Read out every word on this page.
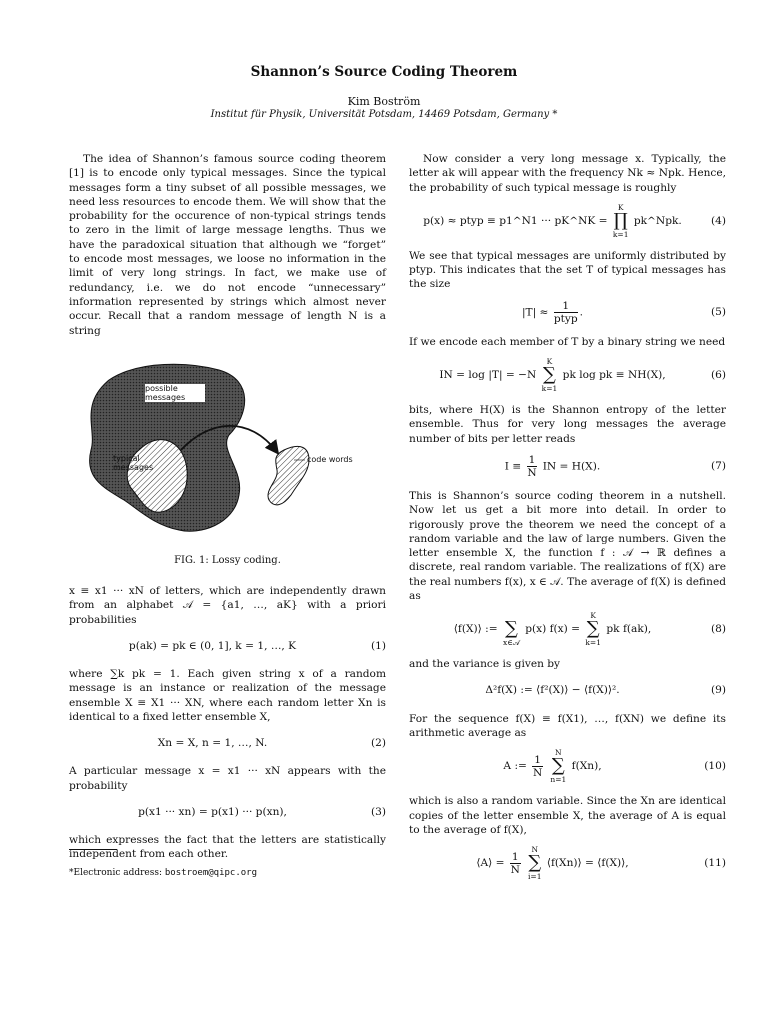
Shannon’s Source Coding Theorem
Kim Boström
Institut für Physik, Universität Potsdam, 14469 Potsdam, Germany *

The idea of Shannon’s famous source coding theorem [1] is to encode only typical messages. Since the typical messages form a tiny subset of all possible messages, we need less resources to encode them. We will show that the probability for the occurence of non-typical strings tends to zero in the limit of large message lengths. Thus we have the paradoxical situation that although we “forget” to encode most messages, we loose no information in the limit of very long strings. In fact, we make use of redundancy, i.e. we do not encode “unnecessary” information represented by strings which almost never occur. Recall that a random message of length N is a string

possible messages
typical messages
code words
FIG. 1: Lossy coding.

x ≡ x1 ··· xN of letters, which are independently drawn from an alphabet 𝒜 = {a1, …, aK} with a priori probabilities

p(ak) = pk ∈ (0, 1], k = 1, …, K	(1)

where ∑k pk = 1. Each given string x of a random message is an instance or realization of the message ensemble X ≡ X1 ··· XN, where each random letter Xn is identical to a fixed letter ensemble X,

Xn = X, n = 1, …, N.	(2)

A particular message x = x1 ··· xN appears with the probability

p(x1 ··· xn) = p(x1) ··· p(xn),	(3)

which expresses the fact that the letters are statistically independent from each other.

Now consider a very long message x. Typically, the letter ak will appear with the frequency Nk ≈ Npk. Hence, the probability of such typical message is roughly

p(x) ≈ ptyp ≡ p1^N1 ··· pK^NK =
K
∏
k=1
pk^Npk.	(4)

We see that typical messages are uniformly distributed by ptyp. This indicates that the set T of typical messages has the size

$|T| \approx \frac{1}{\text{ptyp}}$ .	(5)

If we encode each member of T by a binary string we need

IN = log |T| = −N
K
∑
k=1
pk log pk ≡ NH(X),	(6)

bits, where H(X) is the Shannon entropy of the letter ensemble. Thus for very long messages the average number of bits per letter reads

$I \equiv \frac{1}{N}$ IN = H(X).	(7)

This is Shannon’s source coding theorem in a nutshell. Now let us get a bit more into detail. In order to rigorously prove the theorem we need the concept of a random variable and the law of large numbers. Given the letter ensemble X, the function f : 𝒜 → ℝ defines a discrete, real random variable. The realizations of f(X) are the real numbers f(x), x ∈ 𝒜. The average of f(X) is defined as

⟨f(X)⟩ :=
∑
x∈𝒜
p(x) f(x) =
K
∑
k=1
pk f(ak),	(8)

and the variance is given by

Δ²f(X) := ⟨f²(X)⟩ − ⟨f(X)⟩².	(9)

For the sequence f(X) ≡ f(X1), …, f(XN) we define its arithmetic average as

A := $\frac{1}{N}$

N
∑
n=1
f(Xn),	(10)

which is also a random variable. Since the Xn are identical copies of the letter ensemble X, the average of A is equal to the average of f(X),

⟨A⟩ = $\frac{1}{N}$

N
∑
i=1
⟨f(Xn)⟩ = ⟨f(X)⟩,	(11)
*Electronic address: bostroem@qipc.org
